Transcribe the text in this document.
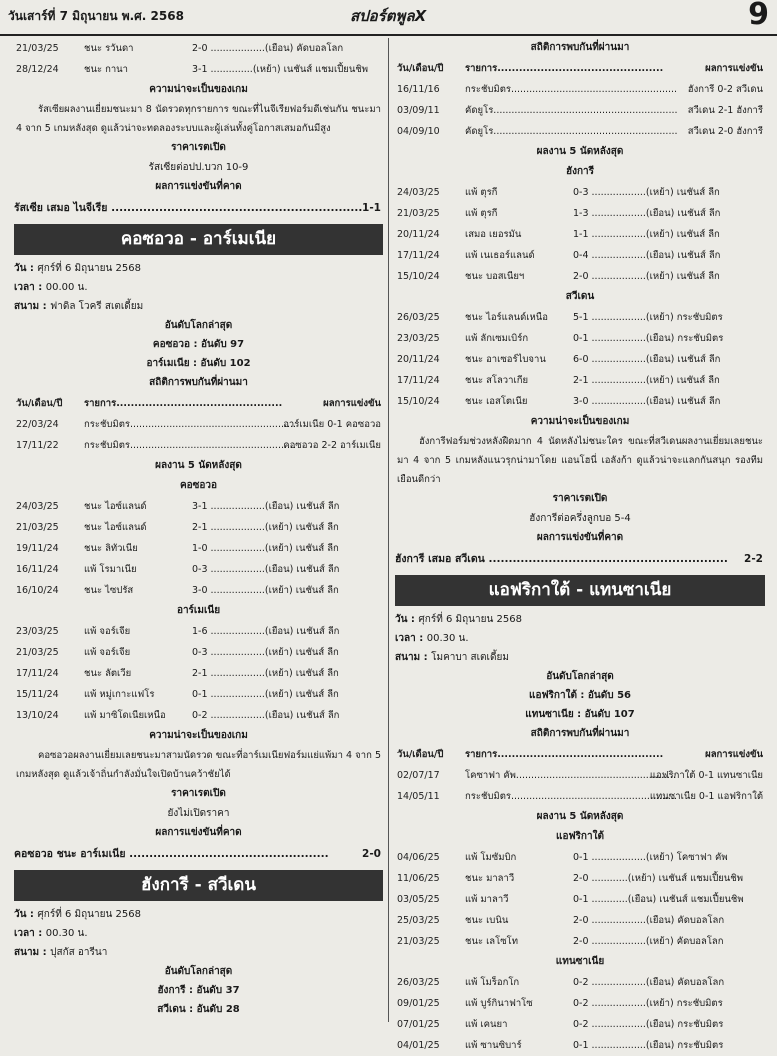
วันเสาร์ที่ 7 มิถุนายน พ.ศ. 2568	สปอร์ตพูลX	9
21/03/25	ชนะ รวันดา	2-0 ..................(เยือน) คัดบอลโลก
28/12/24	ชนะ กานา	3-1 ..............(เหย้า) เนชันส์ แชมเปี้ยนชิพ
ความน่าจะเป็นของเกม
รัสเซียผลงานเยี่ยมชนะมา 8 นัดรวดทุกรายการ ขณะที่ไนจีเรียฟอร์มดีเช่นกัน ชนะมา 4 จาก 5 เกมหลังสุด ดูแล้วน่าจะทดลองระบบและผู้เล่นทั้งคู่โอกาสเสมอกันมีสูง
ราคาเรตเปิด
รัสเซียต่อปป.บวก 10-9
ผลการแข่งขันที่คาด
รัสเซีย เสมอ ไนจีเรีย ............................................................... 1-1
คอซอวอ - อาร์เมเนีย
วัน : ศุกร์ที่ 6 มิถุนายน 2568
เวลา : 00.00 น.
สนาม : ฟาดิล โวครี สเตเดี้ยม
อันดับโลกล่าสุด
คอซอวอ : อันดับ 97
อาร์เมเนีย : อันดับ 102
สถิติการพบกันที่ผ่านมา
วัน/เดือน/ปี รายการ..............................................	ผลการแข่งขัน
22/03/24	กระชับมิตร.......................................................
อาร์เมเนีย 0-1 คอซอวอ
17/11/22	กระชับมิตร.......................................................
คอซอวอ 2-2 อาร์เมเนีย
ผลงาน 5 นัดหลังสุด
คอซอวอ
24/03/25	ชนะ ไอซ์แลนด์	3-1 ..................(เยือน) เนชันส์ ลีก
21/03/25	ชนะ ไอซ์แลนด์	2-1 ..................(เหย้า) เนชันส์ ลีก
19/11/24	ชนะ ลิทัวเนีย	1-0 ..................(เหย้า) เนชันส์ ลีก
16/11/24	แพ้ โรมาเนีย	0-3 ..................(เยือน) เนชันส์ ลีก
16/10/24	ชนะ ไซปรัส	3-0 ..................(เหย้า) เนชันส์ ลีก
อาร์เมเนีย
23/03/25	แพ้ จอร์เจีย	1-6 ..................(เยือน) เนชันส์ ลีก
21/03/25	แพ้ จอร์เจีย	0-3 ..................(เหย้า) เนชันส์ ลีก
17/11/24	ชนะ ลัตเวีย	2-1 ..................(เหย้า) เนชันส์ ลีก
15/11/24	แพ้ หมู่เกาะแฟโร	0-1 ..................(เหย้า) เนชันส์ ลีก
13/10/24	แพ้ มาซิโดเนียเหนือ	0-2 ..................(เยือน) เนชันส์ ลีก
ความน่าจะเป็นของเกม
คอซอวอผลงานเยี่ยมเลยชนะมาสามนัดรวด ขณะที่อาร์เมเนียฟอร์มแย่แพ้มา 4 จาก 5 เกมหลังสุด ดูแล้วเจ้าถิ่นกำลังมั่นใจเปิดบ้านคว้าชัยได้
ราคาเรตเปิด
ยังไม่เปิดราคา
ผลการแข่งขันที่คาด
คอซอวอ ชนะ อาร์เมเนีย ..................................................	2-0
ฮังการี - สวีเดน
วัน : ศุกร์ที่ 6 มิถุนายน 2568
เวลา : 00.30 น.
สนาม : ปุสกัส อารีนา
อันดับโลกล่าสุด
ฮังการี : อันดับ 37
สวีเดน : อันดับ 28
สถิติการพบกันที่ผ่านมา
วัน/เดือน/ปี รายการ..............................................	ผลการแข่งขัน
16/11/16	กระชับมิตร....................................................... ฮังการี 0-2 สวีเดน
03/09/11	คัดยูโร............................................................. สวีเดน 2-1 ฮังการี
04/09/10	คัดยูโร............................................................. สวีเดน 2-0 ฮังการี
ผลงาน 5 นัดหลังสุด
ฮังการี
24/03/25	แพ้ ตุรกี	0-3 ..................(เหย้า) เนชันส์ ลีก
21/03/25	แพ้ ตุรกี	1-3 ..................(เยือน) เนชันส์ ลีก
20/11/24	เสมอ เยอรมัน	1-1 ..................(เหย้า) เนชันส์ ลีก
17/11/24	แพ้ เนเธอร์แลนด์	0-4 ..................(เยือน) เนชันส์ ลีก
15/10/24	ชนะ บอสเนียฯ	2-0 ..................(เหย้า) เนชันส์ ลีก
สวีเดน
26/03/25	ชนะ ไอร์แลนด์เหนือ	5-1 ..................(เหย้า) กระชับมิตร
23/03/25	แพ้ ลักเซมเบิร์ก	0-1 ..................(เยือน) กระชับมิตร
20/11/24	ชนะ อาเซอร์ไบจาน	6-0 ..................(เยือน) เนชันส์ ลีก
17/11/24	ชนะ สโลวาเกีย	2-1 ..................(เหย้า) เนชันส์ ลีก
15/10/24	ชนะ เอสโตเนีย	3-0 ..................(เยือน) เนชันส์ ลีก
ความน่าจะเป็นของเกม
ฮังการีฟอร์มช่วงหลังฝืดมาก 4 นัดหลังไม่ชนะใคร ขณะที่สวีเดนผลงานเยี่ยมเลยชนะมา 4 จาก 5 เกมหลังแนวรุกน่ามาโดย แอนโฮนี่ เอลังก้า ดูแล้วน่าจะแลกกันสนุก รองทีมเยือนดีกว่า
ราคาเรตเปิด
ฮังการีต่อครึ่งลูกบอ 5-4
ผลการแข่งขันที่คาด
ฮังการี เสมอ สวีเดน ............................................................ 2-2
แอฟริกาใต้ - แทนซาเนีย
วัน : ศุกร์ที่ 6 มิถุนายน 2568
เวลา : 00.30 น.
สนาม : โมคาบา สเตเดี้ยม
อันดับโลกล่าสุด
แอฟริกาใต้ : อันดับ 56
แทนซาเนีย : อันดับ 107
สถิติการพบกันที่ผ่านมา
วัน/เดือน/ปี รายการ..............................................	ผลการแข่งขัน
02/07/17	โคซาฟา คัพ.....................................................
แอฟริกาใต้ 0-1 แทนซาเนีย
14/05/11	กระชับมิตร.......................................................
แทนซาเนีย 0-1 แอฟริกาใต้
ผลงาน 5 นัดหลังสุด
แอฟริกาใต้
04/06/25	แพ้ โมซัมบิก	0-1 ..................(เหย้า) โคซาฟา คัพ
11/06/25	ชนะ มาลาวี	2-0 ............(เหย้า) เนชันส์ แชมเปี้ยนชิพ
03/05/25	แพ้ มาลาวี	0-1 ............(เยือน) เนชันส์ แชมเปี้ยนชิพ
25/03/25	ชนะ เบนิน	2-0 ..................(เยือน) คัดบอลโลก
21/03/25	ชนะ เลโซโท	2-0 ..................(เหย้า) คัดบอลโลก
แทนซาเนีย
26/03/25	แพ้ โมร็อกโก	0-2 ..................(เยือน) คัดบอลโลก
09/01/25	แพ้ บูร์กินาฟาโซ	0-2 ..................(เหย้า) กระชับมิตร
07/01/25	แพ้ เคนยา	0-2 ..................(เยือน) กระชับมิตร
04/01/25	แพ้ ซานซิบาร์	0-1 ..................(เยือน) กระชับมิตร
